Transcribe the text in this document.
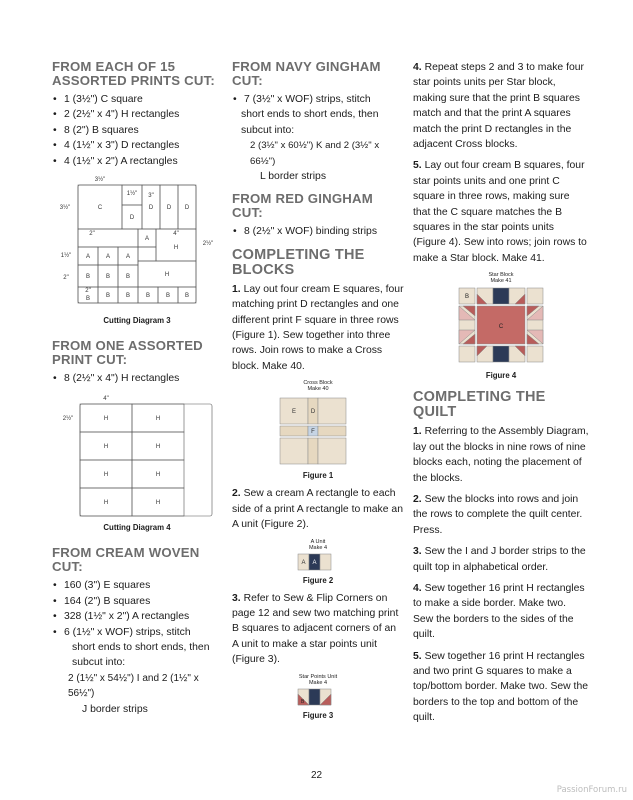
FROM EACH OF 15 ASSORTED PRINTS CUT:
• 1 (3½") C square
• 2 (2½" x 4") H rectangles
• 8 (2") B squares
• 4 (1½" x 3") D rectangles
• 4 (1½" x 2") A rectangles
3½"
3½"
1½" 3"
2"	4"
2½"
1½"
2"
2"
C
D
D D D
A
H
A	A	A
B	B	B	H
B	B	B	B	B B
Cutting Diagram 3
FROM ONE ASSORTED PRINT CUT:
• 8 (2½" x 4") H rectangles
4"
2½"	H	H
H	H
H	H
H	H
Cutting Diagram 4
FROM CREAM WOVEN CUT:
• 160 (3") E squares
• 164 (2") B squares
• 328 (1½" x 2") A rectangles
• 6 (1½" x WOF) strips, stitch
short ends to short ends, then
subcut into:
2 (1½" x 54½") I and 2 (1½" x 56½")
J border strips
FROM NAVY GINGHAM CUT:
• 7 (3½" x WOF) strips, stitch
short ends to short ends, then
subcut into:
2 (3½" x 60½") K and 2 (3½" x 66½")
L border strips
FROM RED GINGHAM CUT:
• 8 (2½" x WOF) binding strips
COMPLETING THE BLOCKS

1. Lay out four cream E squares, four matching print D rectangles and one different print F square in three rows (Figure 1). Sew together into three rows. Join rows to make a Cross block. Make 40.

Cross Block
Make 40
E D
F
Figure 1

2. Sew a cream A rectangle to each side of a print A rectangle to make an A unit (Figure 2).

A Unit
Make 4
A A
Figure 2

3. Refer to Sew & Flip Corners on page 12 and sew two matching print B squares to adjacent corners of an A unit to make a star points unit (Figure 3).

Star Points Unit
Make 4
B
Figure 3

4. Repeat steps 2 and 3 to make four star points units per Star block, making sure that the print B squares match and that the print A squares match the print D rectangles in the adjacent Cross blocks.

5. Lay out four cream B squares, four star points units and one print C square in three rows, making sure that the C square matches the B squares in the star points units (Figure 4). Sew into rows; join rows to make a Star block. Make 41.

Star Block
Make 41
B
C
Figure 4
COMPLETING THE QUILT

1. Referring to the Assembly Diagram, lay out the blocks in nine rows of nine blocks each, noting the placement of the blocks.

2. Sew the blocks into rows and join the rows to complete the quilt center. Press.

3. Sew the I and J border strips to the quilt top in alphabetical order.

4. Sew together 16 print H rectangles to make a side border. Make two. Sew the borders to the sides of the quilt.

5. Sew together 16 print H rectangles and two print G squares to make a top/bottom border. Make two. Sew the borders to the top and bottom of the quilt.

22
PassionForum.ru
